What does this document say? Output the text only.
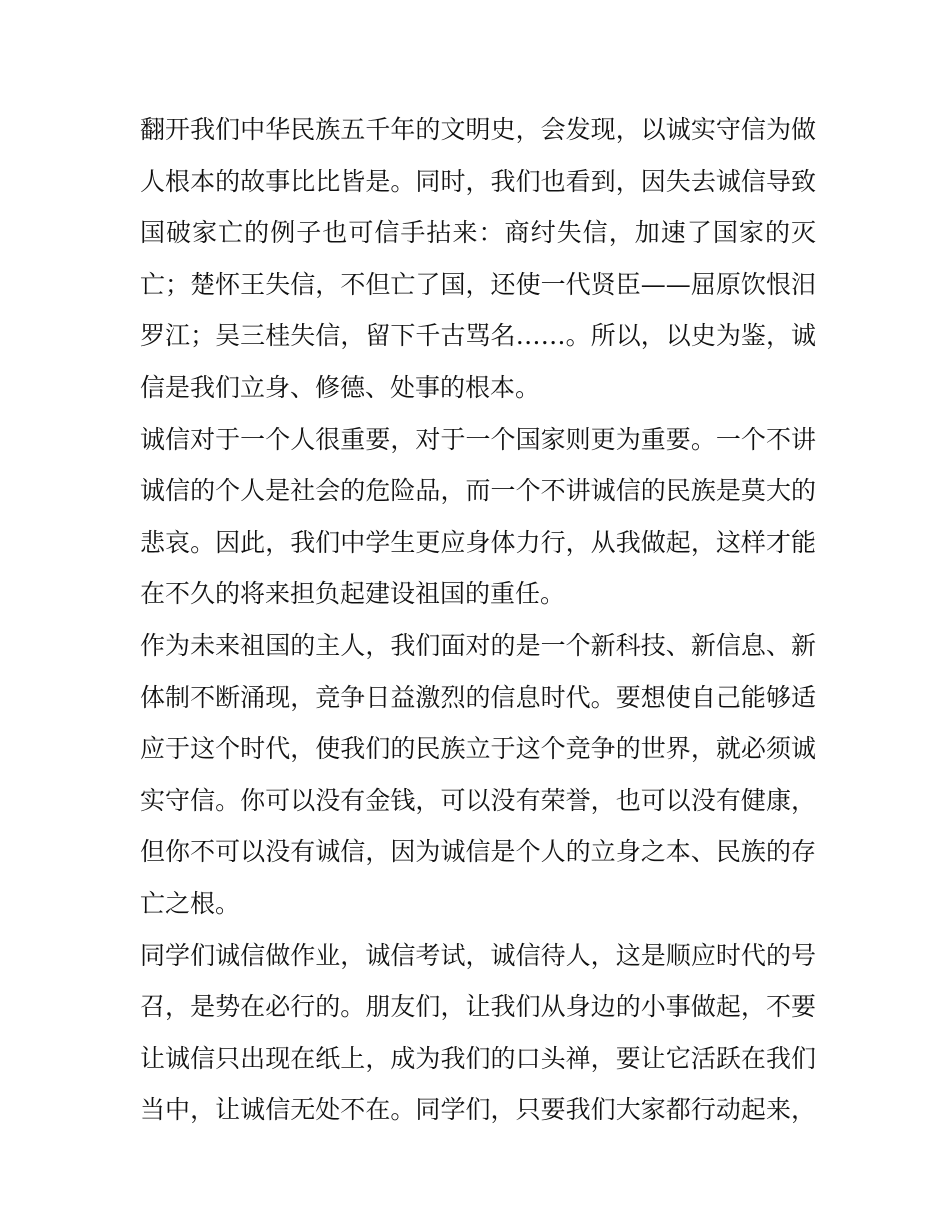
翻开我们中华民族五千年的文明史，会发现，以诚实守信为做
人根本的故事比比皆是。同时，我们也看到，因失去诚信导致
国破家亡的例子也可信手拈来：商纣失信，加速了国家的灭
亡；楚怀王失信，不但亡了国，还使一代贤臣——屈原饮恨汨
罗江；吴三桂失信，留下千古骂名……。所以，以史为鉴，诚
信是我们立身、修德、处事的根本。
诚信对于一个人很重要，对于一个国家则更为重要。一个不讲
诚信的个人是社会的危险品，而一个不讲诚信的民族是莫大的
悲哀。因此，我们中学生更应身体力行，从我做起，这样才能
在不久的将来担负起建设祖国的重任。
作为未来祖国的主人，我们面对的是一个新科技、新信息、新
体制不断涌现，竞争日益激烈的信息时代。要想使自己能够适
应于这个时代，使我们的民族立于这个竞争的世界，就必须诚
实守信。你可以没有金钱，可以没有荣誉，也可以没有健康，
但你不可以没有诚信，因为诚信是个人的立身之本、民族的存
亡之根。
同学们诚信做作业，诚信考试，诚信待人，这是顺应时代的号
召，是势在必行的。朋友们，让我们从身边的小事做起，不要
让诚信只出现在纸上，成为我们的口头禅，要让它活跃在我们
当中，让诚信无处不在。同学们，只要我们大家都行动起来，
